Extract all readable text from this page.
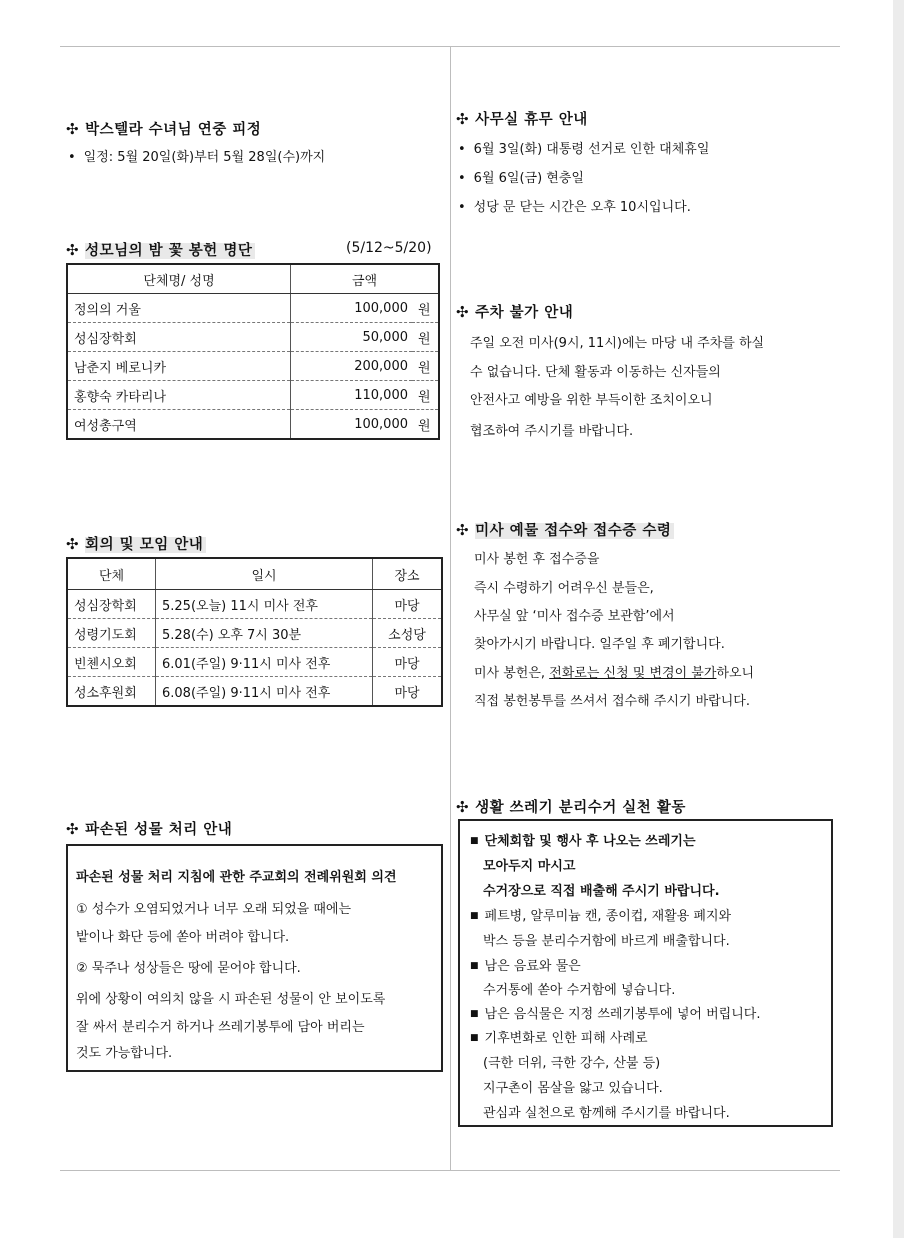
✣ 박스텔라 수녀님 연중 피정
• 일정: 5월 20일(화)부터 5월 28일(수)까지
✣ 성모님의 밤 꽃 봉헌 명단	(5/12~5/20)
단체명/ 성명	금액	
정의의 거울	100,000	원
성심장학회	50,000	원
남춘지 베로니카	200,000	원
홍향숙 카타리나	110,000	원
여성총구역	100,000	원
✣ 회의 및 모임 안내
단체	일시	장소
성심장학회	5.25(오늘) 11시 미사 전후	마당
성령기도회	5.28(수) 오후 7시 30분	소성당
빈첸시오회	6.01(주일) 9·11시 미사 전후	마당
성소후원회	6.08(주일) 9·11시 미사 전후	마당
✣ 파손된 성물 처리 안내
파손된 성물 처리 지침에 관한 주교회의 전례위원회 의견
① 성수가 오염되었거나 너무 오래 되었을 때에는
밭이나 화단 등에 쏟아 버려야 합니다.
② 묵주나 성상들은 땅에 묻어야 합니다.
위에 상황이 여의치 않을 시 파손된 성물이 안 보이도록
잘 싸서 분리수거 하거나 쓰레기봉투에 담아 버리는
것도 가능합니다.
✣ 사무실 휴무 안내
• 6월 3일(화) 대통령 선거로 인한 대체휴일
• 6월 6일(금) 현충일
• 성당 문 닫는 시간은 오후 10시입니다.
✣ 주차 불가 안내
주일 오전 미사(9시, 11시)에는 마당 내 주차를 하실
수 없습니다. 단체 활동과 이동하는 신자들의
안전사고 예방을 위한 부득이한 조치이오니
협조하여 주시기를 바랍니다.
✣ 미사 예물 접수와 접수증 수령
미사 봉헌 후 접수증을
즉시 수령하기 어려우신 분들은,
사무실 앞 ‘미사 접수증 보관함’에서
찾아가시기 바랍니다. 일주일 후 폐기합니다.
미사 봉헌은, 전화로는 신청 및 변경이 불가하오니
직접 봉헌봉투를 쓰셔서 접수해 주시기 바랍니다.
✣ 생활 쓰레기 분리수거 실천 활동
■ 단체회합 및 행사 후 나오는 쓰레기는
모아두지 마시고
수거장으로 직접 배출해 주시기 바랍니다.
■ 페트병, 알루미늄 캔, 종이컵, 재활용 폐지와
박스 등을 분리수거함에 바르게 배출합니다.
■ 남은 음료와 물은
수거통에 쏟아 수거함에 넣습니다.
■ 남은 음식물은 지정 쓰레기봉투에 넣어 버립니다.
■ 기후변화로 인한 피해 사례로
(극한 더위, 극한 강수, 산불 등)
지구촌이 몸살을 앓고 있습니다.
관심과 실천으로 함께해 주시기를 바랍니다.
